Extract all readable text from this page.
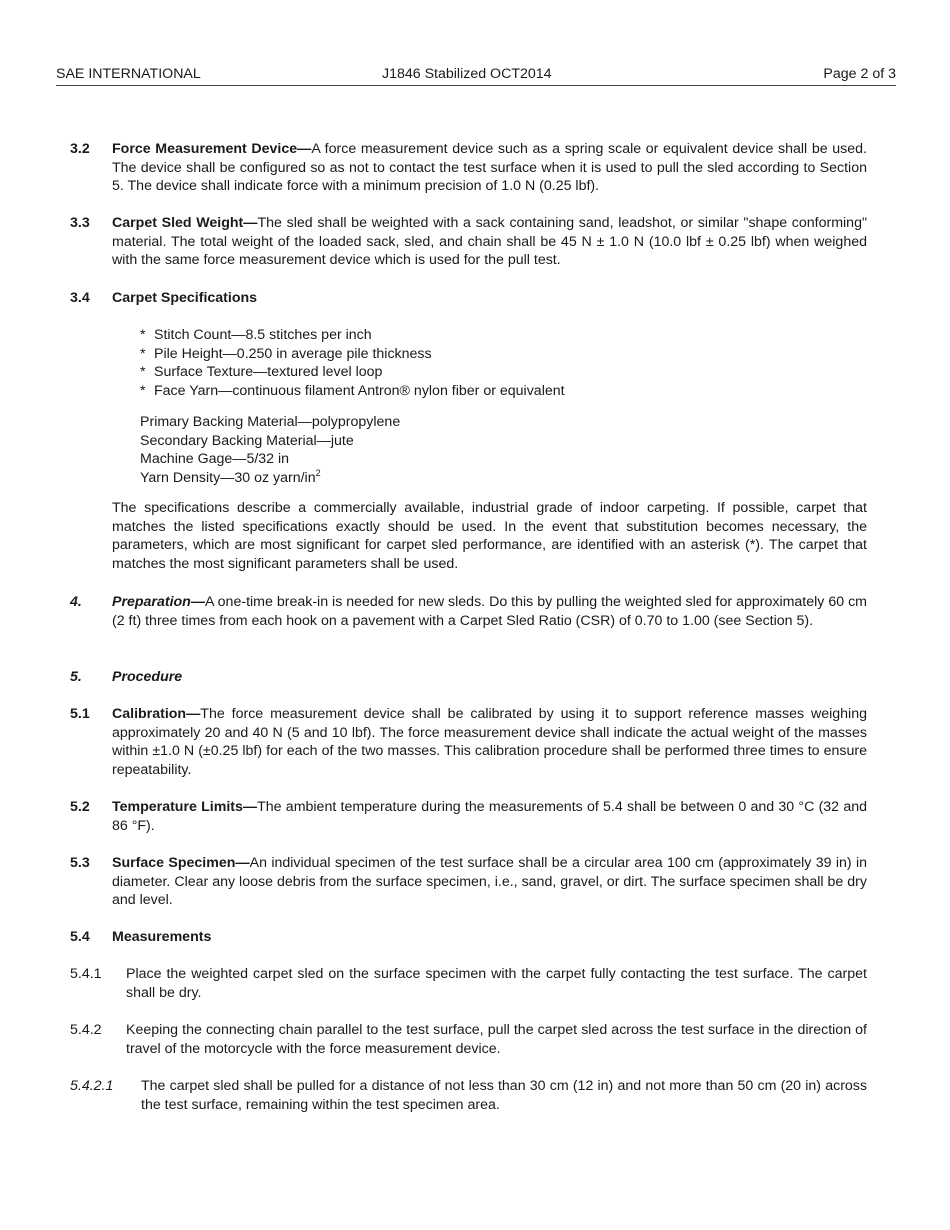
SAE INTERNATIONAL	J1846 Stabilized OCT2014	Page 2 of 3
3.2 Force Measurement Device—A force measurement device such as a spring scale or equivalent device shall be used. The device shall be configured so as not to contact the test surface when it is used to pull the sled according to Section 5. The device shall indicate force with a minimum precision of 1.0 N (0.25 lbf).
3.3 Carpet Sled Weight—The sled shall be weighted with a sack containing sand, leadshot, or similar "shape conforming" material. The total weight of the loaded sack, sled, and chain shall be 45 N ± 1.0 N (10.0 lbf ± 0.25 lbf) when weighed with the same force measurement device which is used for the pull test.
3.4 Carpet Specifications
* Stitch Count—8.5 stitches per inch
* Pile Height—0.250 in average pile thickness
* Surface Texture—textured level loop
* Face Yarn—continuous filament Antron® nylon fiber or equivalent
Primary Backing Material—polypropylene
Secondary Backing Material—jute
Machine Gage—5/32 in
Yarn Density—30 oz yarn/$in^2$
The specifications describe a commercially available, industrial grade of indoor carpeting. If possible, carpet that matches the listed specifications exactly should be used. In the event that substitution becomes necessary, the parameters, which are most significant for carpet sled performance, are identified with an asterisk (*). The carpet that matches the most significant parameters shall be used.
4. Preparation—A one-time break-in is needed for new sleds. Do this by pulling the weighted sled for approximately 60 cm (2 ft) three times from each hook on a pavement with a Carpet Sled Ratio (CSR) of 0.70 to 1.00 (see Section 5).
5. Procedure
5.1 Calibration—The force measurement device shall be calibrated by using it to support reference masses weighing approximately 20 and 40 N (5 and 10 lbf). The force measurement device shall indicate the actual weight of the masses within ±1.0 N (±0.25 lbf) for each of the two masses. This calibration procedure shall be performed three times to ensure repeatability.
5.2 Temperature Limits—The ambient temperature during the measurements of 5.4 shall be between 0 and 30 °C (32 and 86 °F).
5.3 Surface Specimen—An individual specimen of the test surface shall be a circular area 100 cm (approximately 39 in) in diameter. Clear any loose debris from the surface specimen, i.e., sand, gravel, or dirt. The surface specimen shall be dry and level.
5.4 Measurements
5.4.1 Place the weighted carpet sled on the surface specimen with the carpet fully contacting the test surface. The carpet shall be dry.
5.4.2 Keeping the connecting chain parallel to the test surface, pull the carpet sled across the test surface in the direction of travel of the motorcycle with the force measurement device.
5.4.2.1 The carpet sled shall be pulled for a distance of not less than 30 cm (12 in) and not more than 50 cm (20 in) across the test surface, remaining within the test specimen area.
